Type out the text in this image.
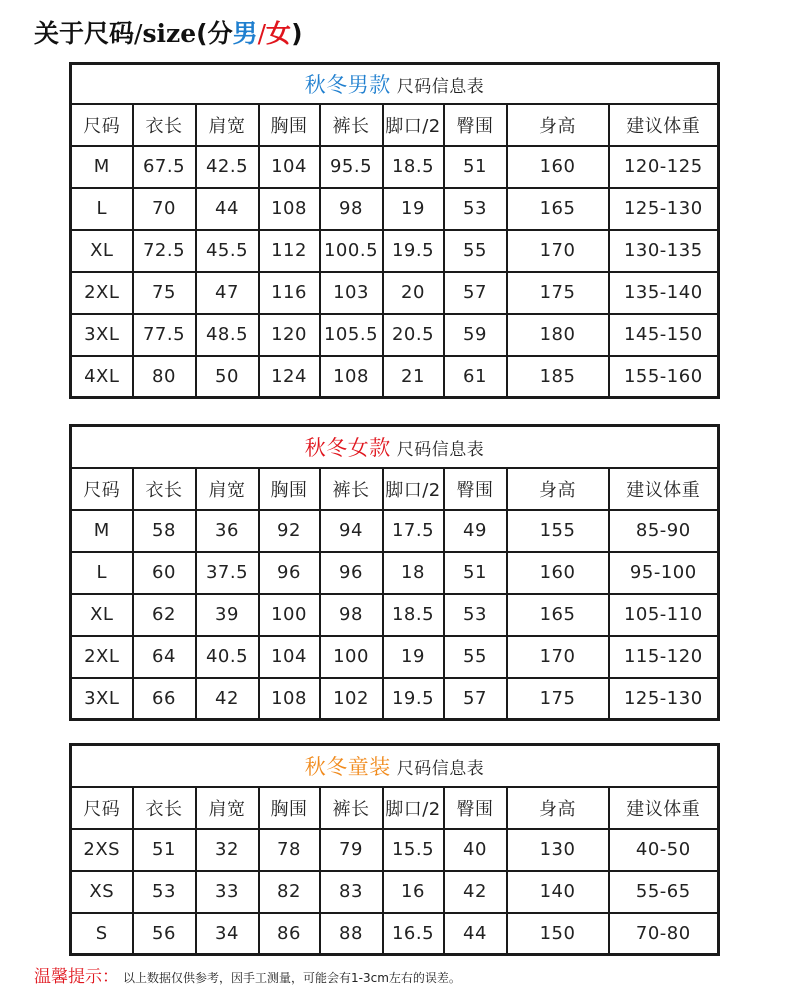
关于尺码/size(分男/女)
秋冬男款 尺码信息表								
尺码	衣长	肩宽	胸围	裤长	脚口/2	臀围	身高	建议体重
M	67.5	42.5	104	95.5	18.5	51	160	120-125
L	70	44	108	98	19	53	165	125-130
XL	72.5	45.5	112	100.5	19.5	55	170	130-135
2XL	75	47	116	103	20	57	175	135-140
3XL	77.5	48.5	120	105.5	20.5	59	180	145-150
4XL	80	50	124	108	21	61	185	155-160
秋冬女款 尺码信息表								
尺码	衣长	肩宽	胸围	裤长	脚口/2	臀围	身高	建议体重
M	58	36	92	94	17.5	49	155	85-90
L	60	37.5	96	96	18	51	160	95-100
XL	62	39	100	98	18.5	53	165	105-110
2XL	64	40.5	104	100	19	55	170	115-120
3XL	66	42	108	102	19.5	57	175	125-130
秋冬童装 尺码信息表								
尺码	衣长	肩宽	胸围	裤长	脚口/2	臀围	身高	建议体重
2XS	51	32	78	79	15.5	40	130	40-50
XS	53	33	82	83	16	42	140	55-65
S	56	34	86	88	16.5	44	150	70-80
温馨提示： 以上数据仅供参考，因手工测量，可能会有1-3cm左右的误差。
